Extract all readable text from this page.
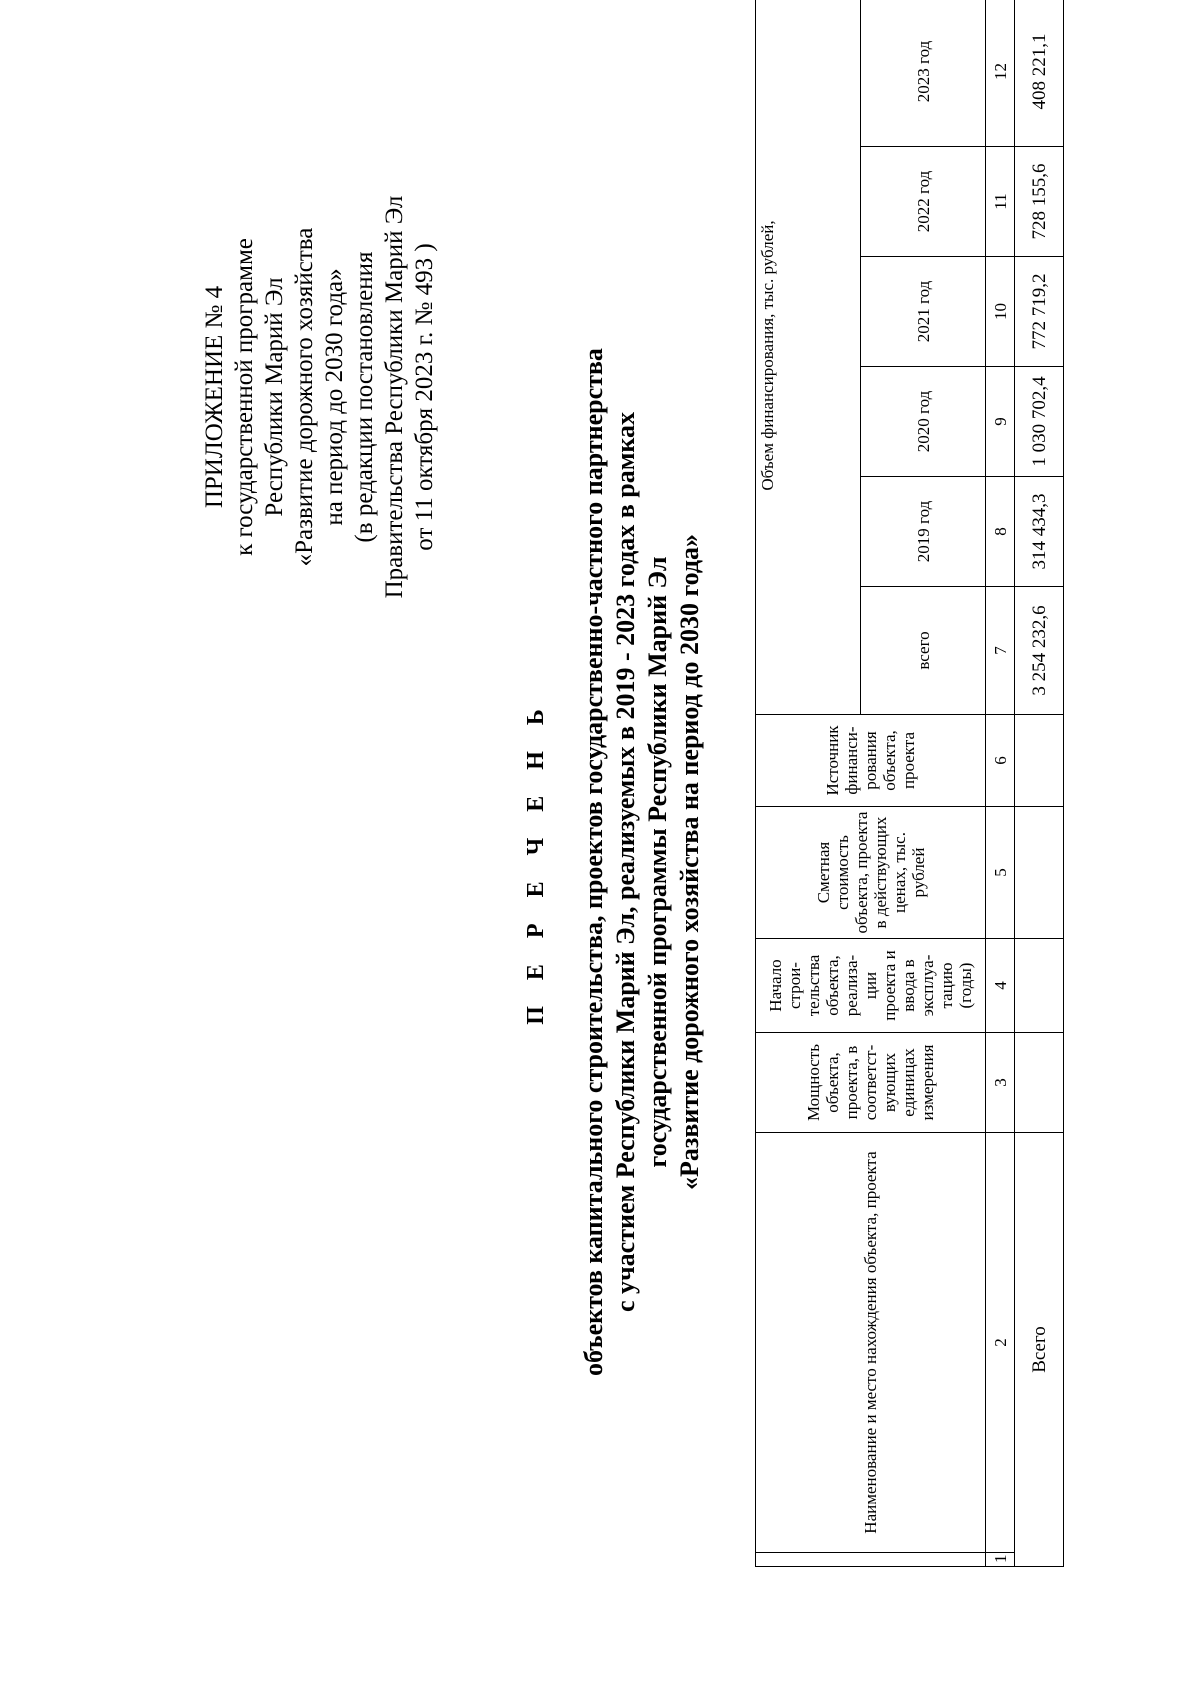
ПРИЛОЖЕНИЕ № 4 к государственной программе Республики Марий Эл «Развитие дорожного хозяйства на период до 2030 года» (в редакции постановления Правительства Республики Марий Эл от 11 октября 2023 г. № 493 )
П Е Р Е Ч Е Н Ь объектов капитального строительства, проектов государственно-частного партнерства с участием Республики Марий Эл, реализуемых в 2019 - 2023 годах в рамках государственной программы Республики Марий Эл «Развитие дорожного хозяйства на период до 2030 года»
	Наименование и место нахождения объекта, проекта	Мощность объекта, проекта, в соответст-вующих единицах измерения	Начало строи-тельства объекта, реализа-ции проекта и ввода в эксплуа-тацию (годы)	Сметная стоимость объекта, проекта в действующих ценах, тыс. рублей	Источник финанси-рования объекта, проекта	Объем финансирования, тыс. рублей,					
						всего	2019 год	2020 год	2021 год	2022 год	2023 год
1	2	3	4	5	6	7	8	9	10	11	12
Всего						3 254 232,6	314 434,3	1 030 702,4	772 719,2	728 155,6	408 221,1
